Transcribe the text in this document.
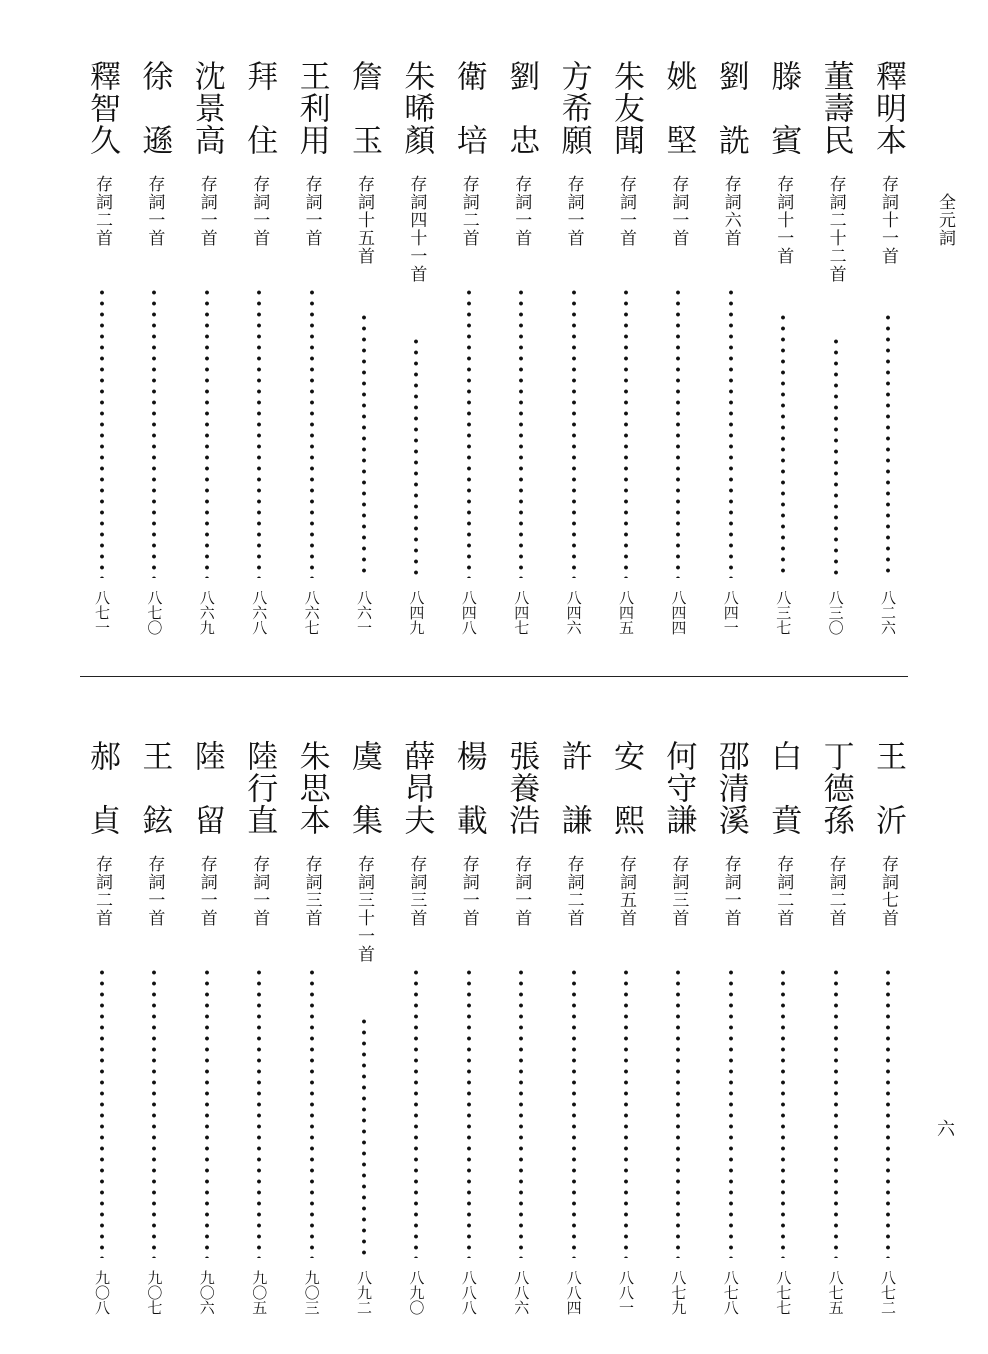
全元詞
六
釋明本
存詞十一首
八二六
董壽民
存詞二十二首
八三〇
滕　賓
存詞十一首
八三七
劉　詵
存詞六首
八四一
姚　堅
存詞一首
八四四
朱友聞
存詞一首
八四五
方希願
存詞一首
八四六
劉　忠
存詞一首
八四七
衛　培
存詞二首
八四八
朱晞顏
存詞四十一首
八四九
詹　玉
存詞十五首
八六一
王利用
存詞一首
八六七
拜　住
存詞一首
八六八
沈景高
存詞一首
八六九
徐　遜
存詞一首
八七〇
釋智久
存詞二首
八七一
王　沂
存詞七首
八七二
丁德孫
存詞二首
八七五
白　賁
存詞二首
八七七
邵清溪
存詞一首
八七八
何守謙
存詞三首
八七九
安　熙
存詞五首
八八一
許　謙
存詞二首
八八四
張養浩
存詞一首
八八六
楊　載
存詞一首
八八八
薛昂夫
存詞三首
八九〇
虞　集
存詞三十一首
八九二
朱思本
存詞三首
九〇三
陸行直
存詞一首
九〇五
陸　留
存詞一首
九〇六
王　鉉
存詞一首
九〇七
郝　貞
存詞二首
九〇八
